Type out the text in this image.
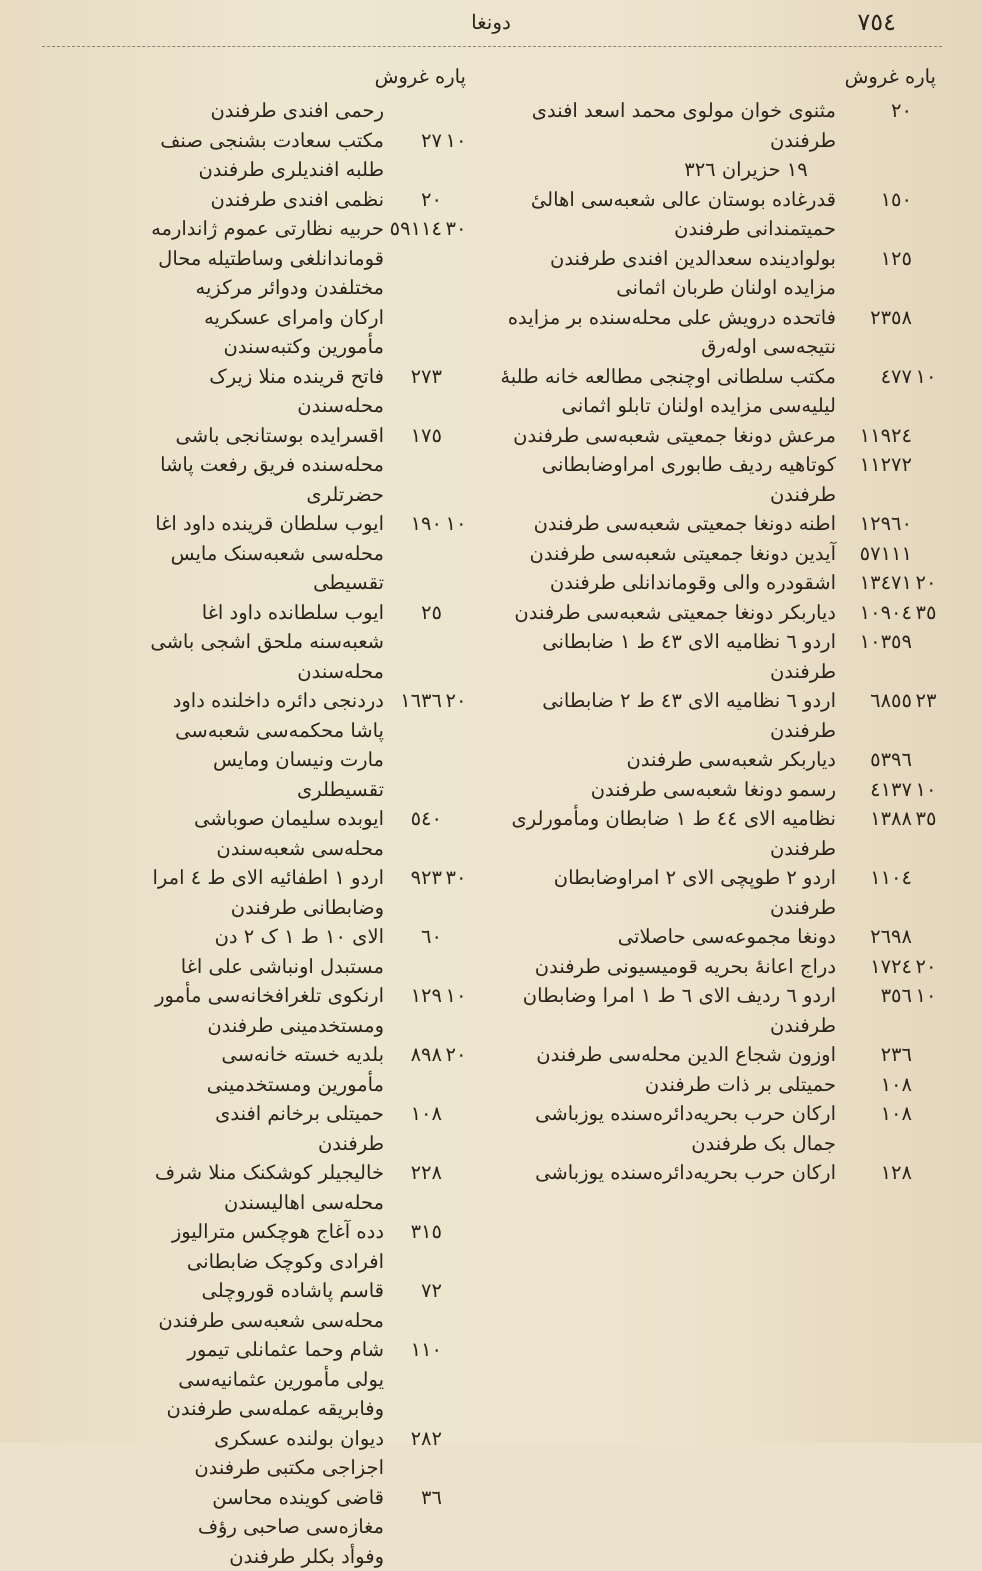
٧٥٤
دونغا
پاره غروش
٢٠
مثنوی خوان مولوی محمد اسعد افندی طرفندن
١٩ حزیران ٣٢٦
١٥٠
قدرغاده بوستان عالی شعبه‌سی اهالیٔ حمیتمندانی طرفندن
١٢٥
بولوادینده سعدالدین افندی طرفندن مزایده اولنان طربان اثمانی
٢٣٥٨
فاتحده درویش علی محله‌سنده بر مزایده نتیجه‌سی اوله‌رق
١٠٤٧٧
مکتب سلطانی اوچنجی مطالعه خانه طلبهٔ لیلیه‌سی مزایده اولنان تابلو اثمانی
١١٩٢٤
مرعش دونغا جمعیتی شعبه‌سی طرفندن
١١٢٧٢
کوتاهیه ردیف طابوری امراوضابطانی طرفندن
١٢٩٦٠
اطنه دونغا جمعیتی شعبه‌سی طرفندن
٥٧١١١
آیدین دونغا جمعیتی شعبه‌سی طرفندن
٢٠١٣٤٧١
اشقودره والی وقوماندانلی طرفندن
٣٥١٠٩٠٤
دیاربکر دونغا جمعیتی شعبه‌سی طرفندن
١٠٣٥٩
اردو ٦ نظامیه الای ٤٣ ط ١ ضابطانی طرفندن
٢٣٦٨٥٥
اردو ٦ نظامیه الای ٤٣ ط ٢ ضابطانی طرفندن
٥٣٩٦
دیاربکر شعبه‌سی طرفندن
١٠٤١٣٧
رسمو دونغا شعبه‌سی طرفندن
٣٥١٣٨٨
نظامیه الای ٤٤ ط ١ ضابطان ومأمورلری طرفندن
١١٠٤
اردو ٢ طوپچی الای ٢ امراوضابطان طرفندن
٢٦٩٨
دونغا مجموعه‌سی حاصلاتی
٢٠١٧٢٤
دراج اعانهٔ بحریه قومیسیونی طرفندن
١٠٣٥٦
اردو ٦ ردیف الای ٦ ط ١ امرا وضابطان طرفندن
٢٣٦
اوزون شجاع الدین محله‌سی طرفندن
١٠٨
حمیتلی بر ذات طرفندن
١٠٨
ارکان حرب بحریه‌دائره‌سنده یوزباشی جمال بک طرفندن
١٢٨
ارکان حرب بحریه‌دائره‌سنده یوزباشی
پاره غروش
رحمی افندی طرفندن
١٠٢٧
مکتب سعادت بشنجی صنف طلبه افندیلری طرفندن
٢٠
نظمی افندی طرفندن
٣٠٥٩١١٤
حربیه نظارتی عموم ژاندارمه قوماندانلغی وساطتیله محال مختلفدن ودوائر مرکزیه ارکان وامرای عسکریه مأمورین وکتبه‌سندن
٢٧٣
فاتح قرینده منلا زیرک محله‌سندن
١٧٥
اقسرایده بوستانجی باشی محله‌سنده فریق رفعت پاشا حضرتلری
١٠١٩٠
ایوب سلطان قرینده داود اغا محله‌سی شعبه‌سنک مایس تقسیطی
٢٥
ایوب سلطانده داود اغا شعبه‌سنه ملحق اشجی باشی محله‌سندن
٢٠١٦٣٦
دردنجی دائره داخلنده داود پاشا محکمه‌سی شعبه‌سی مارت ونیسان ومایس تقسیطلری
٥٤٠
ایوبده سلیمان صوباشی محله‌سی شعبه‌سندن
٣٠٩٢٣
اردو ١ اطفائیه الای ط ٤ امرا وضابطانی طرفندن
٦٠
الای ١٠ ط ١ ک ٢ دن مستبدل اونباشی علی اغا
١٠١٢٩
ارنکوی تلغرافخانه‌سی مأمور ومستخدمینی طرفندن
٢٠٨٩٨
بلدیه خسته خانه‌سی مأمورین ومستخدمینی
١٠٨
حمیتلی برخانم افندی طرفندن
٢٢٨
خالیجیلر کوشکنک منلا شرف محله‌سی اهالیسندن
٣١٥
دده آغاج هوچکس متراليوز افرادی وکوچک ضابطانی
٧٢
قاسم پاشاده قوروچلی محله‌سی شعبه‌سی طرفندن
١١٠
شام وحما عثمانلی تیمور یولی مأمورین عثمانیه‌سی وفابریقه عمله‌سی طرفندن
٢٨٢
دیوان بولنده عسکری اجزاجی مکتبی طرفندن
٣٦
قاضی کوینده محاسن مغازه‌سی صاحبی رؤف وفوأد بکلر طرفندن
